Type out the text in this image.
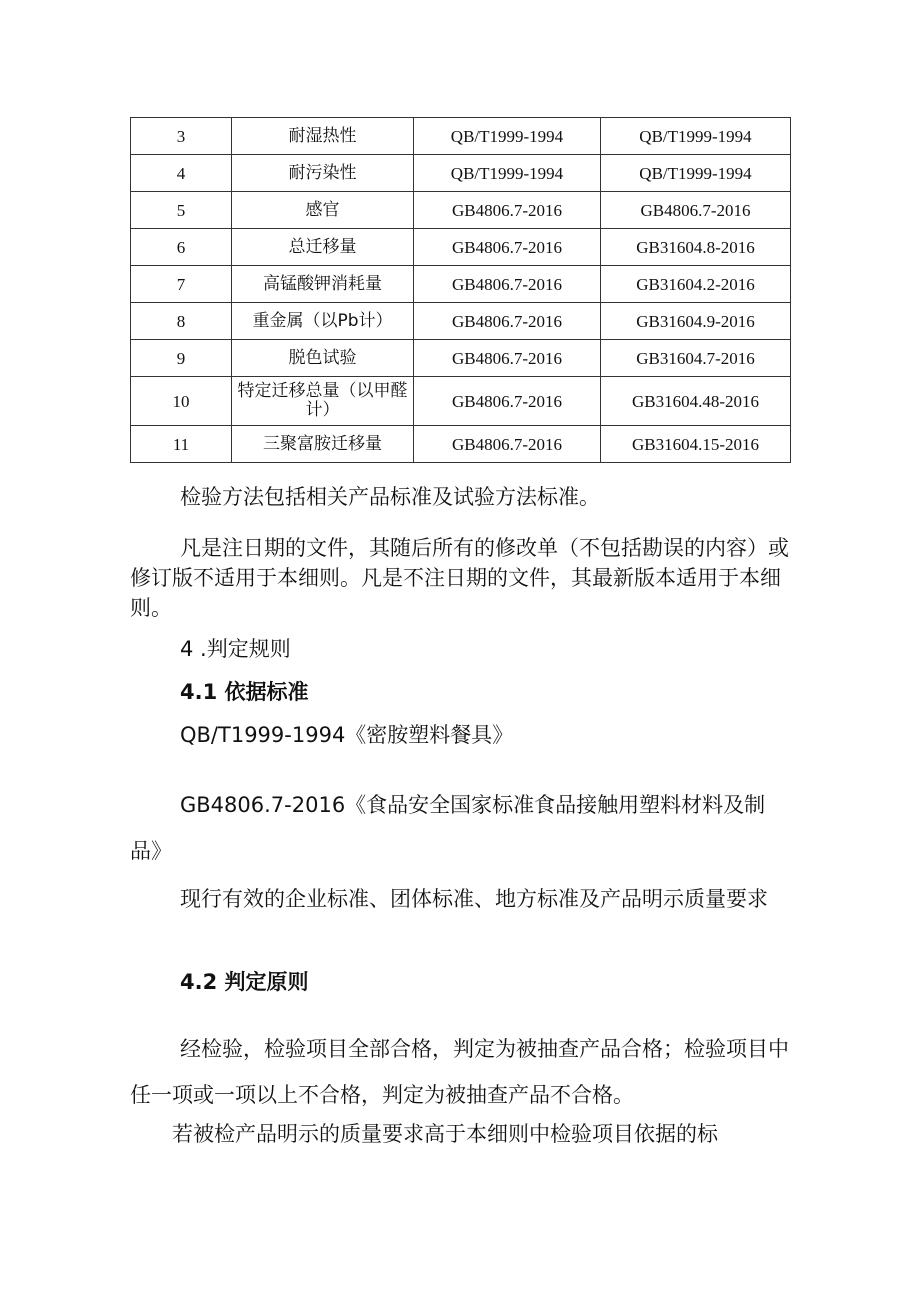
3	耐湿热性	QB/T1999-1994	QB/T1999-1994
4	耐污染性	QB/T1999-1994	QB/T1999-1994
5	感官	GB4806.7-2016	GB4806.7-2016
6	总迁移量	GB4806.7-2016	GB31604.8-2016
7	高锰酸钾消耗量	GB4806.7-2016	GB31604.2-2016
8	重金属（以Pb计）	GB4806.7-2016	GB31604.9-2016
9	脱色试验	GB4806.7-2016	GB31604.7-2016
10	特定迁移总量（以甲醛计）	GB4806.7-2016	GB31604.48-2016
11	三聚富胺迁移量	GB4806.7-2016	GB31604.15-2016
检验方法包括相关产品标准及试验方法标准。
凡是注日期的文件，其随后所有的修改单（不包括勘误的内容）或修订版不适用于本细则。凡是不注日期的文件，其最新版本适用于本细则。
4 .判定规则
4.1 依据标准
QB/T1999-1994《密胺塑料餐具》
GB4806.7-2016《食品安全国家标准食品接触用塑料材料及制品》
现行有效的企业标准、团体标准、地方标准及产品明示质量要求
4.2 判定原则
经检验，检验项目全部合格，判定为被抽查产品合格；检验项目中任一项或一项以上不合格，判定为被抽查产品不合格。
若被检产品明示的质量要求高于本细则中检验项目依据的标
